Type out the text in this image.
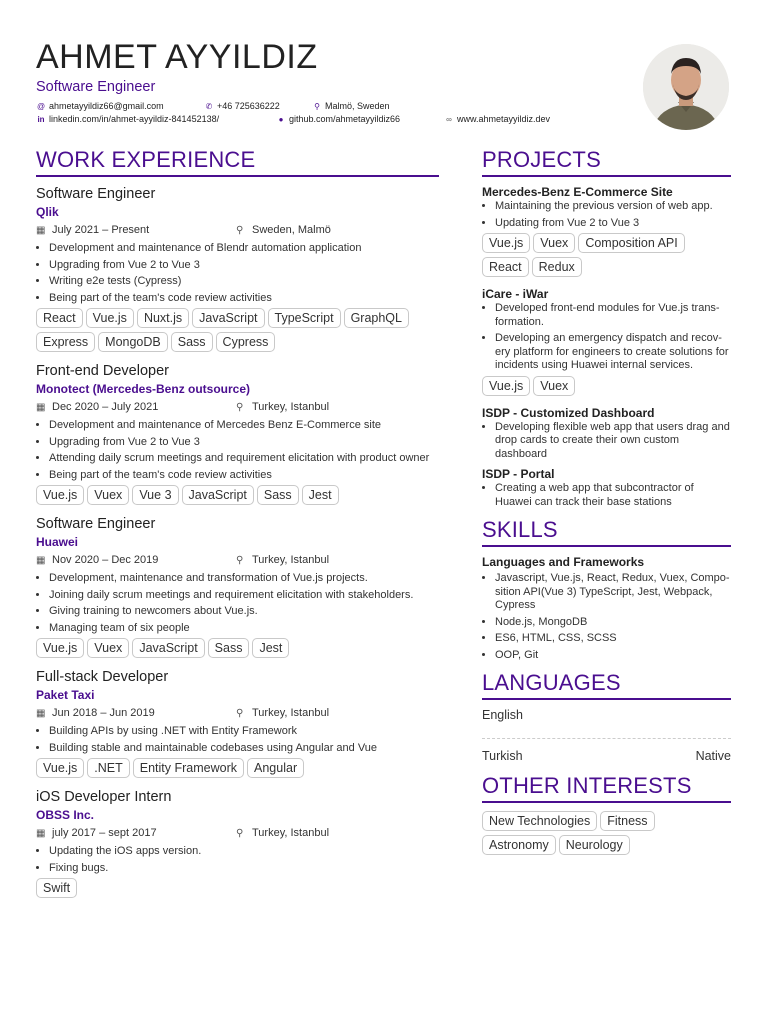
AHMET AYYILDIZ
Software Engineer
@ ahmetayyildiz66@gmail.com	✆ +46 725636222	⚲ Malmö, Sweden
in linkedin.com/in/ahmet-ayyildiz-841452138/	● github.com/ahmetayyildiz66	∞ www.ahmetayyildiz.dev
WORK EXPERIENCE
Software Engineer
Qlik
▦ July 2021 – Present	⚲ Sweden, Malmö
• Development and maintenance of Blendr automation application
• Upgrading from Vue 2 to Vue 3
• Writing e2e tests (Cypress)
• Being part of the team's code review activities
React Vue.js Nuxt.js JavaScript TypeScript GraphQLExpress MongoDB Sass Cypress
Front-end Developer
Monotect (Mercedes-Benz outsource)
▦ Dec 2020 – July 2021	⚲ Turkey, Istanbul
• Development and maintenance of Mercedes Benz E-Commerce site
• Upgrading from Vue 2 to Vue 3
• Attending daily scrum meetings and requirement elicitation with product owner
• Being part of the team's code review activities
Vue.js Vuex Vue 3 JavaScript Sass Jest
Software Engineer
Huawei
▦ Nov 2020 – Dec 2019	⚲ Turkey, Istanbul
• Development, maintenance and transformation of Vue.js projects.
• Joining daily scrum meetings and requirement elicitation with stakeholders.
• Giving training to newcomers about Vue.js.
• Managing team of six people
Vue.js Vuex JavaScript Sass Jest
Full-stack Developer
Paket Taxi
▦ Jun 2018 – Jun 2019	⚲ Turkey, Istanbul
• Building APIs by using .NET with Entity Framework
• Building stable and maintainable codebases using Angular and Vue
Vue.js .NET Entity Framework Angular
iOS Developer Intern
OBSS Inc.
▦ july 2017 – sept 2017	⚲ Turkey, Istanbul
• Updating the iOS apps version.
• Fixing bugs.
Swift
PROJECTS
Mercedes-Benz E-Commerce Site
• Maintaining the previous version of web app.
• Updating from Vue 2 to Vue 3
Vue.js Vuex Composition APIReact Redux
iCare - iWar
• Developed front-end modules for Vue.js trans-formation.
• Developing an emergency dispatch and recov-ery platform for engineers to create solutions for incidents using Huawei internal services.
Vue.js Vuex
ISDP - Customized Dashboard
• Developing flexible web app that users drag and drop cards to create their own custom dashboard
ISDP - Portal
• Creating a web app that subcontractor of Huawei can track their base stations
SKILLS
Languages and Frameworks
• Javascript, Vue.js, React, Redux, Vuex, Compo-sition API(Vue 3) TypeScript, Jest, Webpack, Cypress
• Node.js, MongoDB
• ES6, HTML, CSS, SCSS
• OOP, Git
LANGUAGES
English
Turkish	Native
OTHER INTERESTS
New Technologies FitnessAstronomy Neurology
